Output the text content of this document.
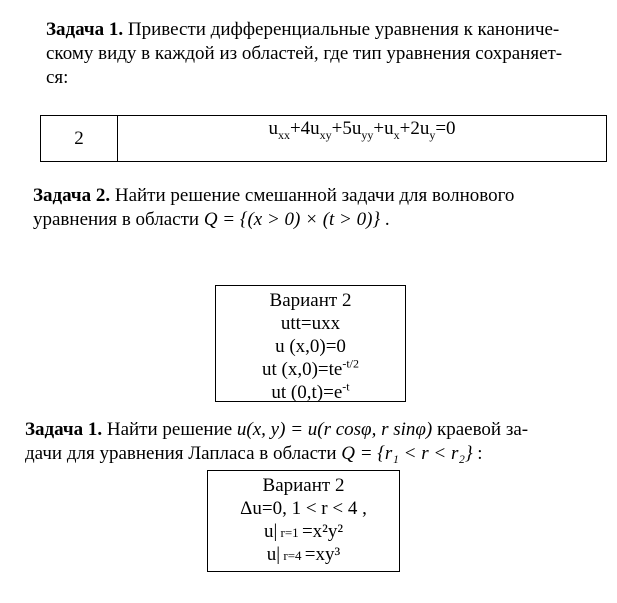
Задача 1. Привести дифференциальные уравнения к канониче-
скому виду в каждой из областей, где тип уравнения сохраняет-
ся:
2	$u_{xx}+4u_{xy}+5u_{yy}+u_x+2u_y=0$
Задача 2. Найти решение смешанной задачи для волнового
уравнения в области Q = {(x > 0) × (t > 0)} .
Вариант 2
utt=uxx
u (x,0)=0
ut $(x,0)=te^{-t/2}$
ut $(0,t)=e^{-t}$
Задача 1. Найти решение u(x, y) = u(r cosφ, r sinφ) краевой за-
дачи для уравнения Лапласа в области Q = {r₁ < r < r₂} :
Вариант 2
Δu=0, 1 < r < 4 ,
u| r=1 =x²y²
u| r=4 =xy³
